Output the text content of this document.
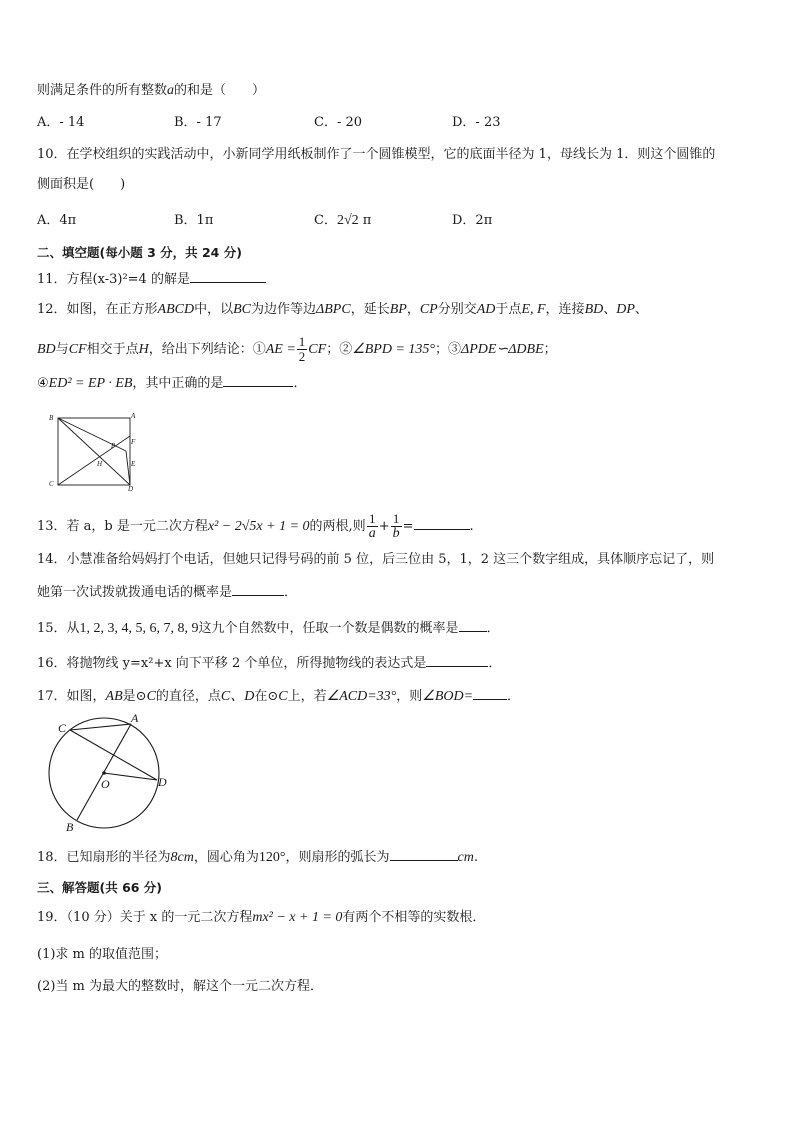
则满足条件的所有整数a的和是（　　）
A．- 14	B．- 17	C．- 20	D．- 23
10．在学校组织的实践活动中，小新同学用纸板制作了一个圆锥模型，它的底面半径为 1，母线长为 1．则这个圆锥的
侧面积是(　　)
A．4π	B．1π	C．2√2 π	D．2π
二、填空题(每小题 3 分，共 24 分)
11．方程(x-3)²=4 的解是
12．如图，在正方形ABCD中，以BC为边作等边ΔBPC，延长BP，CP分别交AD于点E, F，连接BD、DP、
BD与CF相交于点H，给出下列结论：①AE = $\frac{1}{2}$ CF；②∠BPD = 135°；③ΔPDE∽ΔDBE；
④ED² = EP · EB，其中正确的是	．
B	A
P F
H	E
C
D
13．若 a，b 是一元二次方程x² − 2√5x + 1 = 0的两根,则 $\frac{1}{a} + \frac{1}{b}$ =	.
14．小慧准备给妈妈打个电话，但她只记得号码的前 5 位，后三位由 5，1，2 这三个数字组成，具体顺序忘记了，则
她第一次试拨就拨通电话的概率是	．
15．从1, 2, 3, 4, 5, 6, 7, 8, 9这九个自然数中，任取一个数是偶数的概率是 ．
16．将抛物线 y=x²+x 向下平移 2 个单位，所得抛物线的表达式是	．
17．如图，AB是⊙C的直径，点C、D在⊙C上，若∠ACD=33°，则∠BOD=	．
C
A
O	D
B
18．已知扇形的半径为8cm，圆心角为120°，则扇形的弧长为	cm.
三、解答题(共 66 分)
19．（10 分）关于 x 的一元二次方程mx² − x + 1 = 0有两个不相等的实数根．
(1)求 m 的取值范围；
(2)当 m 为最大的整数时，解这个一元二次方程．
